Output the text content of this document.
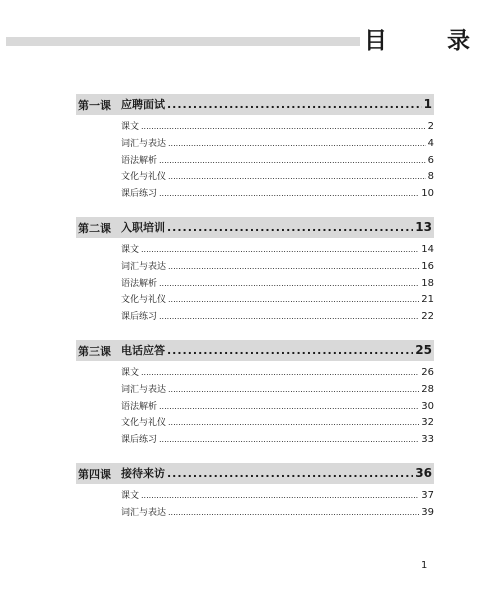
目 录
第一课 应聘面试 .....	1
课文 .....	2
词汇与表达 .....	4
语法解析 .....	6
文化与礼仪 .....	8
课后练习 .....	10
第二课 入职培训 .....	13
课文 .....	14
词汇与表达 .....	16
语法解析 .....	18
文化与礼仪 .....	21
课后练习 .....	22
第三课 电话应答 .....	25
课文 .....	26
词汇与表达 .....	28
语法解析 .....	30
文化与礼仪 .....	32
课后练习 .....	33
第四课 接待来访 .....	36
课文 .....	37
词汇与表达 .....	39
1
